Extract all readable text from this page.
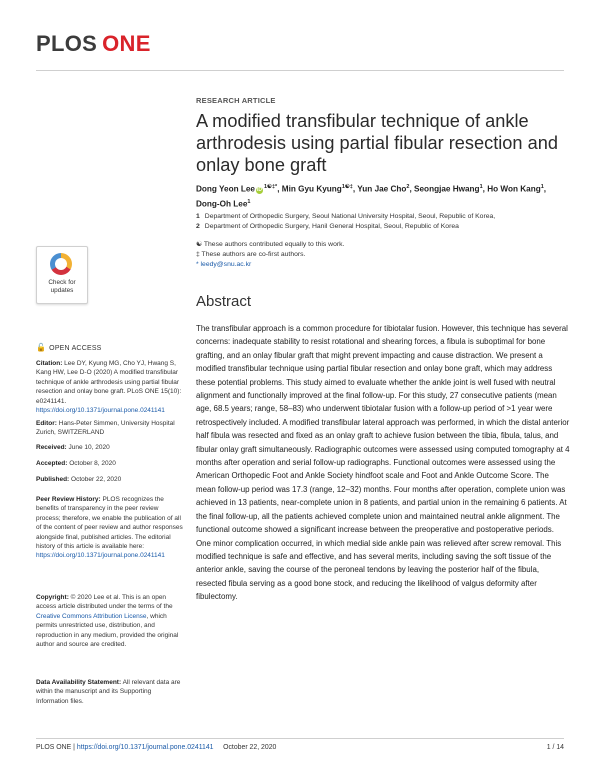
PLOS ONE
Check for updates
🔓 OPEN ACCESS
Citation: Lee DY, Kyung MG, Cho YJ, Hwang S, Kang HW, Lee D-O (2020) A modified transfibular technique of ankle arthrodesis using partial fibular resection and onlay bone graft. PLoS ONE 15(10): e0241141. https://doi.org/10.1371/journal.pone.0241141
Editor: Hans-Peter Simmen, University Hospital Zurich, SWITZERLAND
Received: June 10, 2020
Accepted: October 8, 2020
Published: October 22, 2020
Peer Review History: PLOS recognizes the benefits of transparency in the peer review process; therefore, we enable the publication of all of the content of peer review and author responses alongside final, published articles. The editorial history of this article is available here: https://doi.org/10.1371/journal.pone.0241141
Copyright: © 2020 Lee et al. This is an open access article distributed under the terms of the Creative Commons Attribution License, which permits unrestricted use, distribution, and reproduction in any medium, provided the original author and source are credited.
Data Availability Statement: All relevant data are within the manuscript and its Supporting Information files.
RESEARCH ARTICLE
A modified transfibular technique of ankle arthrodesis using partial fibular resection and onlay bone graft
Dong Yeon Lee iD $^{1☯\ddagger*}$, Min Gyu Kyung$^{1☯\ddagger}$, Yun Jae Cho$^2$, Seongjae Hwang$^1$, Ho Won Kang$^1$, Dong-Oh Lee$^1$
1 Department of Orthopedic Surgery, Seoul National University Hospital, Seoul, Republic of Korea,
2 Department of Orthopedic Surgery, Hanil General Hospital, Seoul, Republic of Korea
☯ These authors contributed equally to this work.
‡ These authors are co-first authors.
* leedy@snu.ac.kr
Abstract
The transfibular approach is a common procedure for tibiotalar fusion. However, this technique has several concerns: inadequate stability to resist rotational and shearing forces, a fibula is suboptimal for bone grafting, and an onlay fibular graft that might prevent impacting and cause distraction. We present a modified transfibular technique using partial fibular resection and onlay bone graft, which may address these potential problems. This study aimed to evaluate whether the ankle joint is well fused with neutral alignment and functionally improved at the final follow-up. For this study, 27 consecutive patients (mean age, 68.5 years; range, 58–83) who underwent tibiotalar fusion with a follow-up period of >1 year were retrospectively included. A modified transfibular lateral approach was performed, in which the distal anterior half fibula was resected and fixed as an onlay graft to achieve fusion between the tibia, fibula, talus, and fibular onlay graft simultaneously. Radiographic outcomes were assessed using computed tomography at 4 months after operation and serial follow-up radiographs. Functional outcomes were assessed using the American Orthopedic Foot and Ankle Society hindfoot scale and Foot and Ankle Outcome Score. The mean follow-up period was 17.3 (range, 12–32) months. Four months after operation, complete union was achieved in 13 patients, near-complete union in 8 patients, and partial union in the remaining 6 patients. At the final follow-up, all the patients achieved complete union and maintained neutral ankle alignment. The functional outcome showed a significant increase between the preoperative and postoperative periods. One minor complication occurred, in which medial side ankle pain was relieved after screw removal. This modified technique is safe and effective, and has several merits, including saving the soft tissue of the anterior ankle, saving the course of the peroneal tendons by leaving the posterior half of the fibula, resected fibula serving as a good bone stock, and reducing the likelihood of valgus deformity after fibulectomy.
PLOS ONE | https://doi.org/10.1371/journal.pone.0241141 October 22, 2020	1 / 14
